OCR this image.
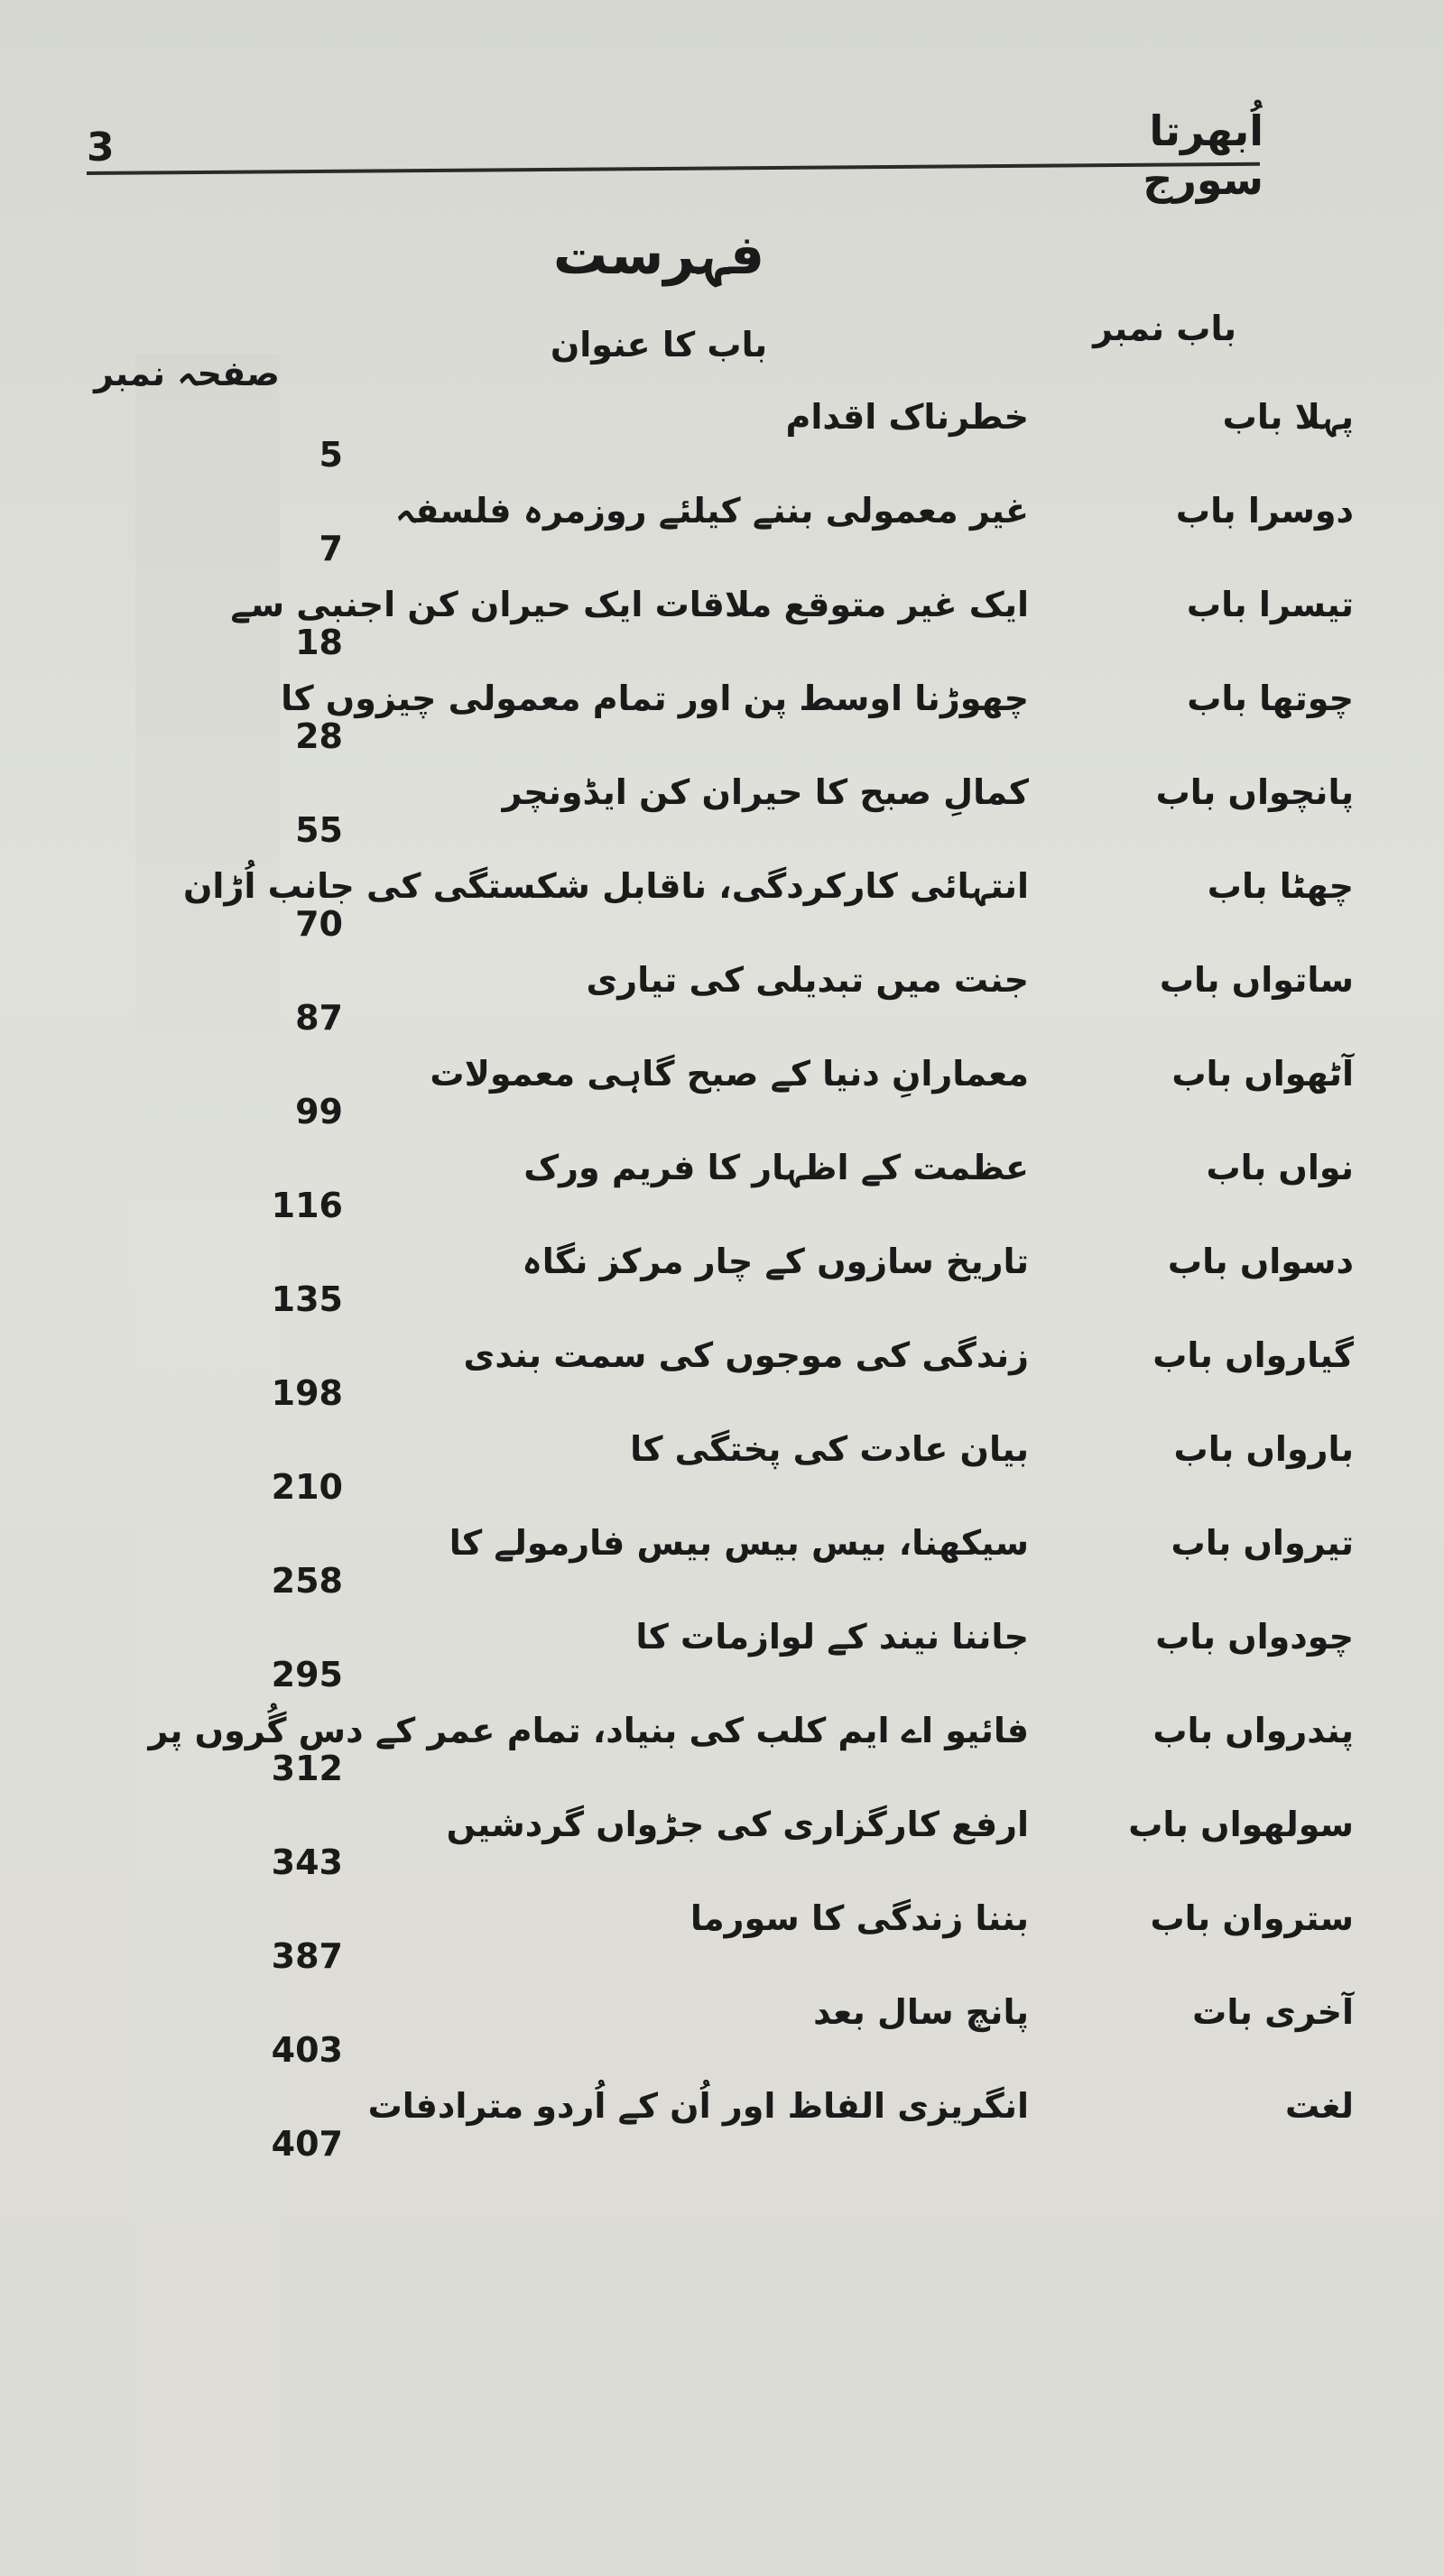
اُبھرتا سورج
3
فہرست
باب نمبر
باب کا عنوان
صفحہ نمبر
پہلا باب
خطرناک اقدام
5
دوسرا باب
غیر معمولی بننے کیلئے روزمرہ فلسفہ
7
تیسرا باب
ایک غیر متوقع ملاقات ایک حیران کن اجنبی سے
18
چوتھا باب
چھوڑنا اوسط پن اور تمام معمولی چیزوں کا
28
پانچواں باب
کمالِ صبح کا حیران کن ایڈونچر
55
چھٹا باب
انتہائی کارکردگی، ناقابل شکستگی کی جانب اُڑان
70
ساتواں باب
جنت میں تبدیلی کی تیاری
87
آٹھواں باب
معمارانِ دنیا کے صبح گاہی معمولات
99
نواں باب
عظمت کے اظہار کا فریم ورک
116
دسواں باب
تاریخ سازوں کے چار مرکز نگاہ
135
گیارواں باب
زندگی کی موجوں کی سمت بندی
198
بارواں باب
بیان عادت کی پختگی کا
210
تیرواں باب
سیکھنا، بیس بیس بیس فارمولے کا
258
چودواں باب
جاننا نیند کے لوازمات کا
295
پندرواں باب
فائیو اے ایم کلب کی بنیاد، تمام عمر کے دس گُروں پر
312
سولھواں باب
ارفع کارگزاری کی جڑواں گردشیں
343
ستروان باب
بننا زندگی کا سورما
387
آخری بات
پانچ سال بعد
403
لغت
انگریزی الفاظ اور اُن کے اُردو مترادفات
407
